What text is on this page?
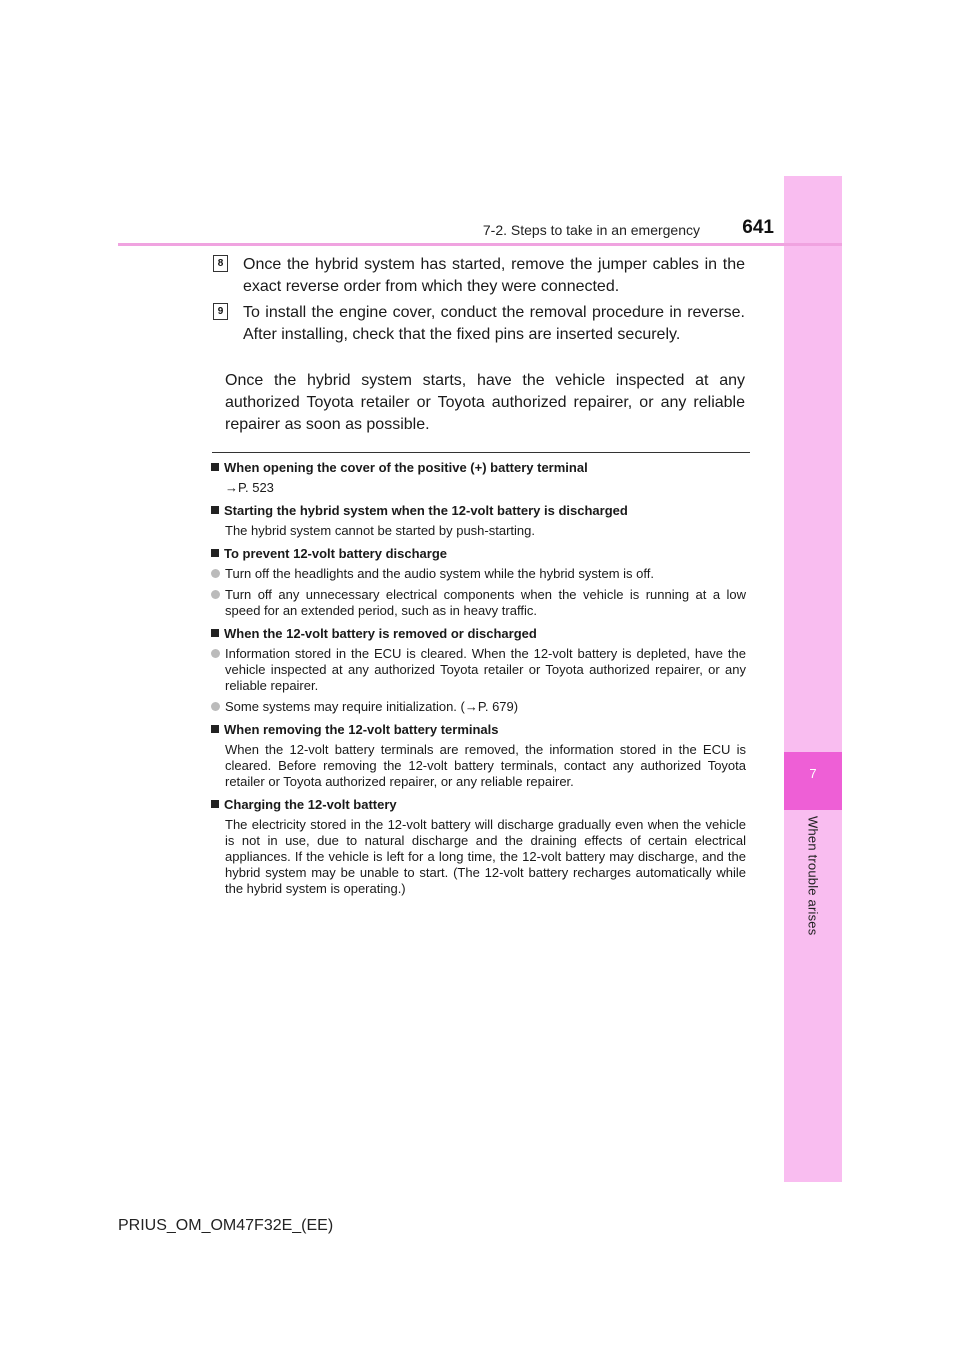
7
When trouble arises
7-2. Steps to take in an emergency	641
8 Once the hybrid system has started, remove the jumper cables in the exact reverse order from which they were connected.
9 To install the engine cover, conduct the removal procedure in reverse. After installing, check that the fixed pins are inserted securely.
Once the hybrid system starts, have the vehicle inspected at any authorized Toyota retailer or Toyota authorized repairer, or any reliable repairer as soon as possible.
When opening the cover of the positive (+) battery terminal
→P. 523
Starting the hybrid system when the 12-volt battery is discharged
The hybrid system cannot be started by push-starting.
To prevent 12-volt battery discharge
Turn off the headlights and the audio system while the hybrid system is off.
Turn off any unnecessary electrical components when the vehicle is running at a low speed for an extended period, such as in heavy traffic.
When the 12-volt battery is removed or discharged
Information stored in the ECU is cleared. When the 12-volt battery is depleted, have the vehicle inspected at any authorized Toyota retailer or Toyota authorized repairer, or any reliable repairer.
Some systems may require initialization. (→P. 679)
When removing the 12-volt battery terminals
When the 12-volt battery terminals are removed, the information stored in the ECU is cleared. Before removing the 12-volt battery terminals, contact any authorized Toyota retailer or Toyota authorized repairer, or any reliable repairer.
Charging the 12-volt battery
The electricity stored in the 12-volt battery will discharge gradually even when the vehicle is not in use, due to natural discharge and the draining effects of certain electrical appliances. If the vehicle is left for a long time, the 12-volt battery may discharge, and the hybrid system may be unable to start. (The 12-volt battery recharges automatically while the hybrid system is operating.)
PRIUS_OM_OM47F32E_(EE)
